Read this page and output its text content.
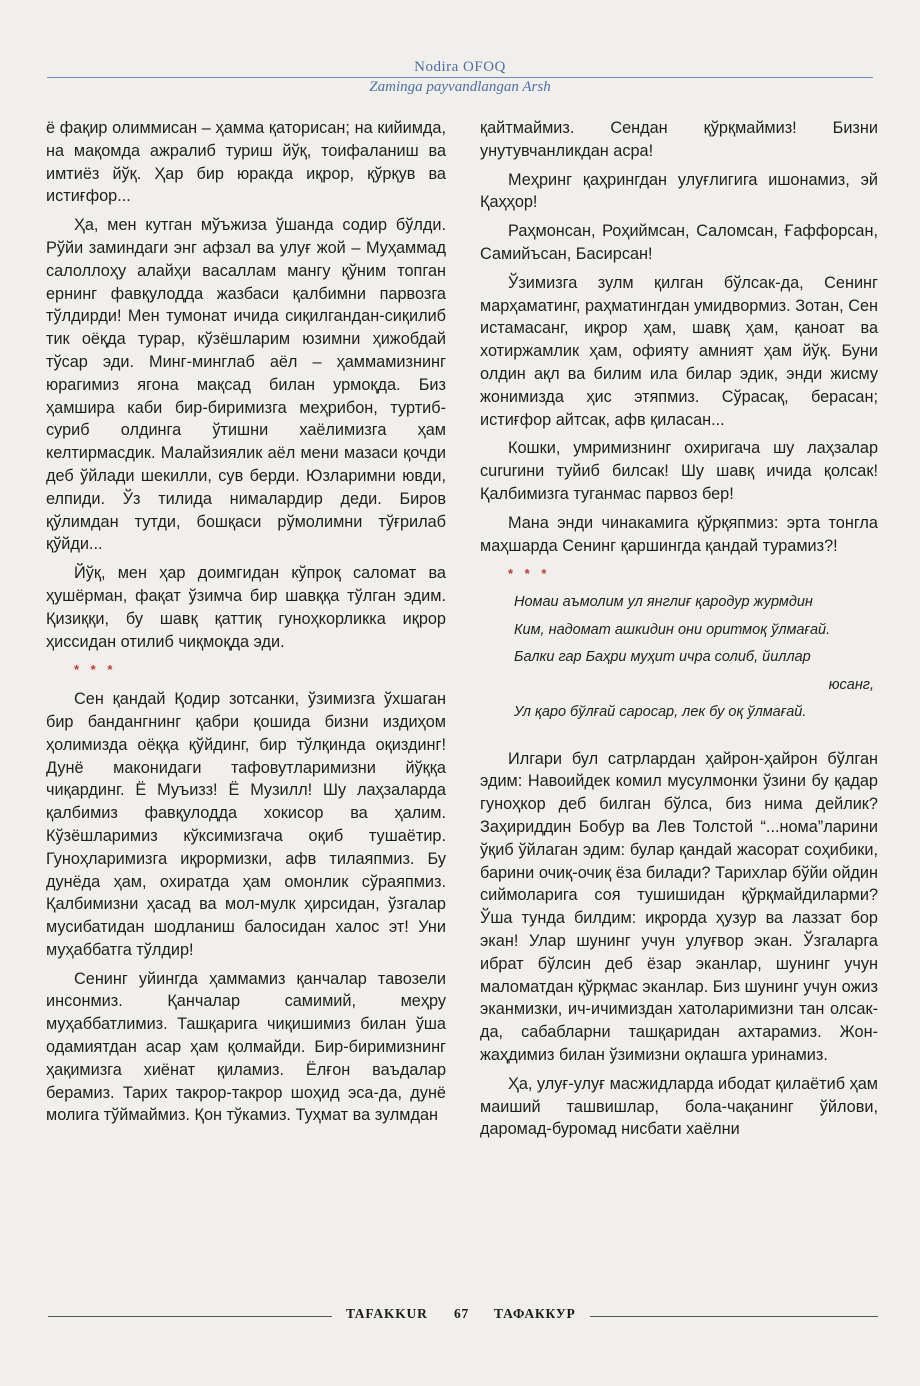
Nodira OFOQ

Zaminga payvandlangan Arsh

ё фақир олиммисан – ҳамма қаторисан; на кийимда, на мақомда ажралиб туриш йўқ, тоифаланиш ва имтиёз йўқ. Ҳар бир юракда иқрор, қўрқув ва истиғфор...

Ҳа, мен кутган мўъжиза ўшанда содир бўлди. Рўйи заминдаги энг афзал ва улуғ жой – Муҳаммад салоллоҳу алайҳи васаллам мангу қўним топган ернинг фавқулодда жазбаси қалбимни парвозга тўлдирди! Мен тумонат ичида сиқилгандан-сиқилиб тик оёқда турар, кўзёшларим юзимни ҳижобдай тўсар эди. Минг-минглаб аёл – ҳаммамизнинг юрагимиз ягона мақсад билан урмоқда. Биз ҳамшира каби бир-биримизга меҳрибон, туртиб-суриб олдинга ўтишни хаёлимизга ҳам келтирмасдик. Малайзиялик аёл мени мазаси қочди деб ўйлади шекилли, сув берди. Юзларимни ювди, елпиди. Ўз тилида нималардир деди. Биров қўлимдан тутди, бошқаси рўмолимни тўғрилаб қўйди...

Йўқ, мен ҳар доимгидан кўпроқ саломат ва ҳушёрман, фақат ўзимча бир шавққа тўлган эдим. Қизиққи, бу шавқ қаттиқ гуноҳкорликка иқрор ҳиссидан отилиб чиқмоқда эди.

* * *

Сен қандай Қодир зотсанки, ўзимизга ўхшаган бир бандангнинг қабри қошида бизни издиҳом ҳолимизда оёққа қўйдинг, бир тўлқинда оқиздинг! Дунё маконидаги тафовутларимизни йўққа чиқардинг. Ё Муъизз! Ё Музилл! Шу лаҳзаларда қалбимиз фавқулодда хокисор ва ҳалим. Кўзёшларимиз кўксимизгача оқиб тушаётир. Гуноҳларимизга иқрормизки, афв тилаяпмиз. Бу дунёда ҳам, охиратда ҳам омонлик сўраяпмиз. Қалбимизни ҳасад ва мол-мулк ҳирсидан, ўзгалар мусибатидан шодланиш балосидан халос эт! Уни муҳаббатга тўлдир!

Сенинг уйингда ҳаммамиз қанчалар тавозели инсонмиз. Қанчалар самимий, меҳру муҳаббатлимиз. Ташқарига чиқишимиз билан ўша одамиятдан асар ҳам қолмайди. Бир-биримизнинг ҳақимизга хиёнат қиламиз. Ёлғон ваъдалар берамиз. Тарих такрор-такрор шоҳид эса-да, дунё молига тўймаймиз. Қон тўкамиз. Туҳмат ва зулмдан

қайтмаймиз. Сендан қўрқмаймиз! Бизни унутувчанликдан асра!

Меҳринг қаҳрингдан улуғлигига ишонамиз, эй Қаҳҳор!

Раҳмонсан, Роҳиймсан, Саломсан, Ғаффорсан, Самийъсан, Басирсан!

Ўзимизга зулм қилган бўлсак-да, Сенинг марҳаматинг, раҳматингдан умидвормиз. Зотан, Сен истамасанг, иқрор ҳам, шавқ ҳам, қаноат ва хотиржамлик ҳам, офияту амният ҳам йўқ. Буни олдин ақл ва билим ила билар эдик, энди жисму жонимизда ҳис этяпмиз. Сўрасақ, берасан; истиғфор айтсак, афв қиласан...

Кошки, умримизнинг охиригача шу лаҳзалар сururини туйиб билсак! Шу шавқ ичида қолсак! Қалбимизга туганмас парвоз бер!

Мана энди чинакамига қўрқяпмиз: эрта тонгла маҳшарда Сенинг қаршингда қандай турамиз?!

* * *

Номаи аъмолим ул янглиғ қародур журмдин

Ким, надомат ашкидин они оритмоқ ўлмағай.

Балки гар Баҳри муҳит ичра солиб, йиллар

юсанг,

Ул қаро бўлғай саросар, лек бу оқ ўлмағай.

Илгари бул сатрлардан ҳайрон-ҳайрон бўлган эдим: Навоийдек комил мусулмонки ўзини бу қадар гуноҳкор деб билган бўлса, биз нима дейлик? Заҳириддин Бобур ва Лев Толстой “...нома”ларини ўқиб ўйлаган эдим: булар қандай жасорат соҳибики, барини очиқ-очиқ ёза билади? Тарихлар бўйи ойдин сиймоларига соя тушишидан қўрқмайдиларми? Ўша тунда билдим: иқрорда ҳузур ва лаззат бор экан! Улар шунинг учун улуғвор экан. Ўзгаларга ибрат бўлсин деб ёзар эканлар, шунинг учун маломатдан қўрқмас эканлар. Биз шунинг учун ожиз эканмизки, ич-ичимиздан хатоларимизни тан олсак-да, сабабларни ташқаридан ахтарамиз. Жон-жаҳдимиз билан ўзимизни оқлашга уринамиз.

Ҳа, улуғ-улуғ масжидларда ибодат қилаётиб ҳам маиший ташвишлар, бола-чақанинг ўйлови, даромад-буромад нисбати хаёлни

TAFAKKUR 67 ТАФАККУР
